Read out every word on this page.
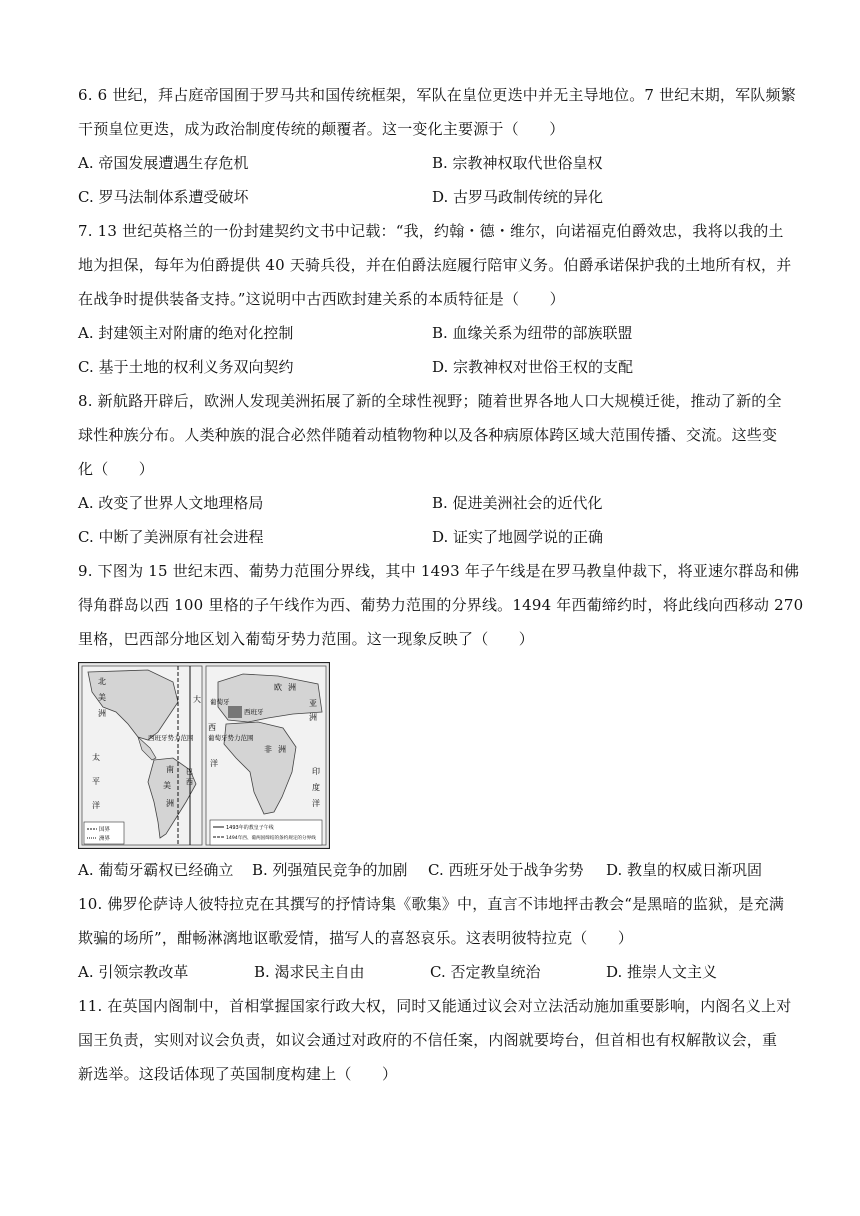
6. 6 世纪，拜占庭帝国囿于罗马共和国传统框架，军队在皇位更迭中并无主导地位。7 世纪末期，军队频繁
干预皇位更迭，成为政治制度传统的颠覆者。这一变化主要源于（　　）
A. 帝国发展遭遇生存危机	B. 宗教神权取代世俗皇权
C. 罗马法制体系遭受破坏	D. 古罗马政制传统的异化
7. 13 世纪英格兰的一份封建契约文书中记载：“我，约翰・德・维尔，向诺福克伯爵效忠，我将以我的土
地为担保，每年为伯爵提供 40 天骑兵役，并在伯爵法庭履行陪审义务。伯爵承诺保护我的土地所有权，并
在战争时提供装备支持。”这说明中古西欧封建关系的本质特征是（　　）
A. 封建领主对附庸的绝对化控制	B. 血缘关系为纽带的部族联盟
C. 基于土地的权利义务双向契约	D. 宗教神权对世俗王权的支配
8. 新航路开辟后，欧洲人发现美洲拓展了新的全球性视野；随着世界各地人口大规模迁徙，推动了新的全
球性种族分布。人类种族的混合必然伴随着动植物物种以及各种病原体跨区域大范围传播、交流。这些变
化（　　）
A. 改变了世界人文地理格局	B. 促进美洲社会的近代化
C. 中断了美洲原有社会进程	D. 证实了地圆学说的正确
9. 下图为 15 世纪末西、葡势力范围分界线，其中 1493 年子午线是在罗马教皇仲裁下，将亚速尔群岛和佛
得角群岛以西 100 里格的子午线作为西、葡势力范围的分界线。1494 年西葡缔约时，将此线向西移动 270
里格，巴西部分地区划入葡萄牙势力范围。这一现象反映了（　　）
北
美
洲
太
平
洋
大
西
洋
南
美
洲
巴
西
西班牙势力范围
欧 洲
亚
洲
非 洲
印
度
洋
葡萄牙
西班牙
葡萄牙势力范围
国界
洲界
1493年的教皇子午线
1494年西、葡两国缔结的条约规定的分界线
A. 葡萄牙霸权已经确立	B. 列强殖民竞争的加剧	C. 西班牙处于战争劣势	D. 教皇的权威日渐巩固
10. 佛罗伦萨诗人彼特拉克在其撰写的抒情诗集《歌集》中，直言不讳地抨击教会“是黑暗的监狱，是充满
欺骗的场所”，酣畅淋漓地讴歌爱情，描写人的喜怒哀乐。这表明彼特拉克（　　）
A. 引领宗教改革	B. 渴求民主自由	C. 否定教皇统治	D. 推崇人文主义
11. 在英国内阁制中，首相掌握国家行政大权，同时又能通过议会对立法活动施加重要影响，内阁名义上对
国王负责，实则对议会负责，如议会通过对政府的不信任案，内阁就要垮台，但首相也有权解散议会，重
新选举。这段话体现了英国制度构建上（　　）
